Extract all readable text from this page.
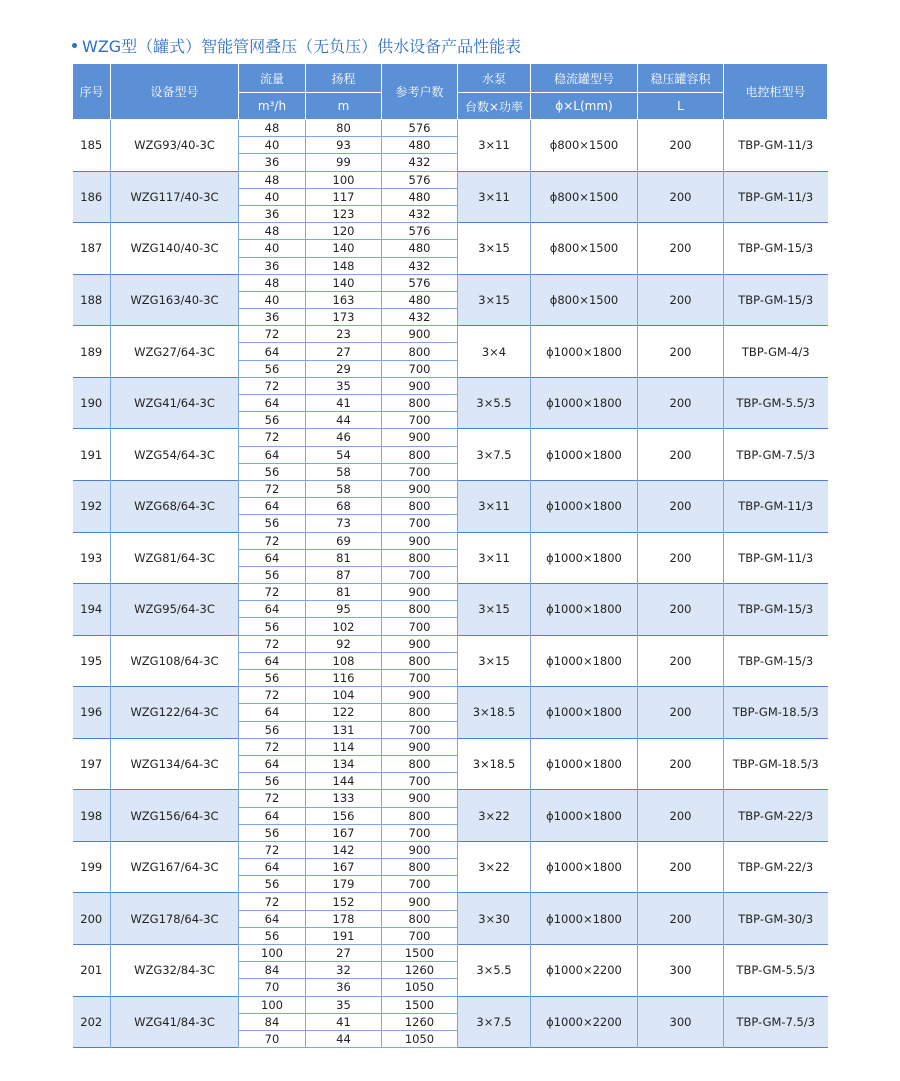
WZG型（罐式）智能管网叠压（无负压）供水设备产品性能表
序号	设备型号	流量	扬程	参考户数	水泵	稳流罐型号	稳压罐容积	电控柜型号
		m³/h	m		台数×功率	ϕ×L(mm)	L	
185	WZG93/40-3C	48	80	576	3×11	ϕ800×1500	200	TBP-GM-11/3
		40	93	480				
		36	99	432				
186	WZG117/40-3C	48	100	576	3×11	ϕ800×1500	200	TBP-GM-11/3
		40	117	480				
		36	123	432				
187	WZG140/40-3C	48	120	576	3×15	ϕ800×1500	200	TBP-GM-15/3
		40	140	480				
		36	148	432				
188	WZG163/40-3C	48	140	576	3×15	ϕ800×1500	200	TBP-GM-15/3
		40	163	480				
		36	173	432				
189	WZG27/64-3C	72	23	900	3×4	ϕ1000×1800	200	TBP-GM-4/3
		64	27	800				
		56	29	700				
190	WZG41/64-3C	72	35	900	3×5.5	ϕ1000×1800	200	TBP-GM-5.5/3
		64	41	800				
		56	44	700				
191	WZG54/64-3C	72	46	900	3×7.5	ϕ1000×1800	200	TBP-GM-7.5/3
		64	54	800				
		56	58	700				
192	WZG68/64-3C	72	58	900	3×11	ϕ1000×1800	200	TBP-GM-11/3
		64	68	800				
		56	73	700				
193	WZG81/64-3C	72	69	900	3×11	ϕ1000×1800	200	TBP-GM-11/3
		64	81	800				
		56	87	700				
194	WZG95/64-3C	72	81	900	3×15	ϕ1000×1800	200	TBP-GM-15/3
		64	95	800				
		56	102	700				
195	WZG108/64-3C	72	92	900	3×15	ϕ1000×1800	200	TBP-GM-15/3
		64	108	800				
		56	116	700				
196	WZG122/64-3C	72	104	900	3×18.5	ϕ1000×1800	200	TBP-GM-18.5/3
		64	122	800				
		56	131	700				
197	WZG134/64-3C	72	114	900	3×18.5	ϕ1000×1800	200	TBP-GM-18.5/3
		64	134	800				
		56	144	700				
198	WZG156/64-3C	72	133	900	3×22	ϕ1000×1800	200	TBP-GM-22/3
		64	156	800				
		56	167	700				
199	WZG167/64-3C	72	142	900	3×22	ϕ1000×1800	200	TBP-GM-22/3
		64	167	800				
		56	179	700				
200	WZG178/64-3C	72	152	900	3×30	ϕ1000×1800	200	TBP-GM-30/3
		64	178	800				
		56	191	700				
201	WZG32/84-3C	100	27	1500	3×5.5	ϕ1000×2200	300	TBP-GM-5.5/3
		84	32	1260				
		70	36	1050				
202	WZG41/84-3C	100	35	1500	3×7.5	ϕ1000×2200	300	TBP-GM-7.5/3
		84	41	1260				
		70	44	1050				
